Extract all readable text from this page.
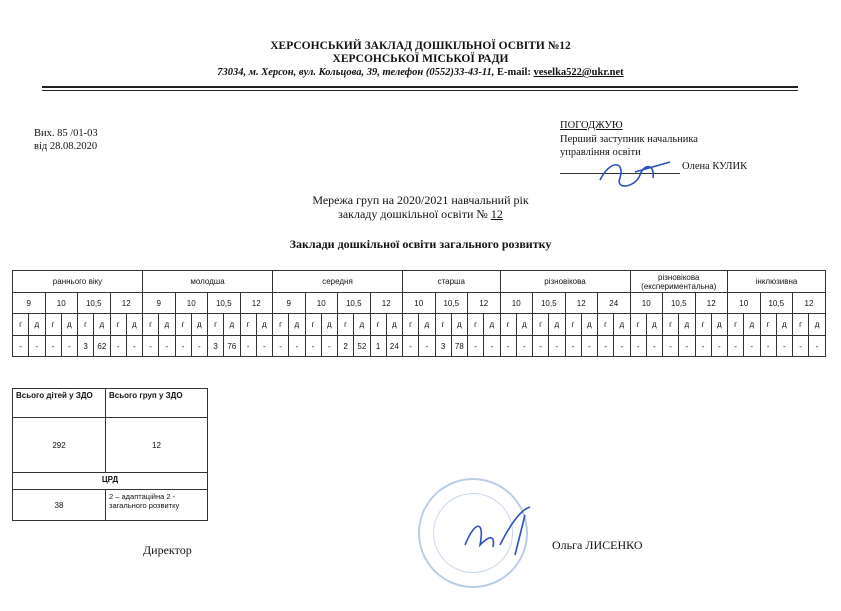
ХЕРСОНСЬКИЙ ЗАКЛАД ДОШКІЛЬНОЇ ОСВІТИ №12
ХЕРСОНСЬКОЇ МІСЬКОЇ РАДИ
73034, м. Херсон, вул. Кольцова, 39, телефон (0552)33-43-11, E-mail: veselka522@ukr.net
Вих. 85 /01-03
від 28.08.2020
ПОГОДЖУЮ
Перший заступник начальника
управління освіти
Олена КУЛИК
Мережа груп на 2020/2021 навчальний рік
закладу дошкільної освіти № 12
Заклади дошкільної освіти загального розвитку
раннього віку								молодша								середня								старша						різновікова								різновікова (експериментальна)						інклюзивна					
9		10		10,5		12		9		10		10,5		12		9		10		10,5		12		10		10,5		12		10		10,5		12		24		10		10,5		12		10		10,5		12	
г	д	г	д	г	д	г	д	г	д	г	д	г	д	г	д	г	д	г	д	г	д	г	д	г	д	г	д	г	д	г	д	г	д	г	д	г	д	г	д	г	д	г	д	г	д	г	д	г	д
-	-	-	-	3	62	-	-	-	-	-	-	3	76	-	-	-	-	-	-	2	52	1	24	-	-	3	78	-	-	-	-	-	-	-	-	-	-	-	-	-	-	-	-	-	-	-	-	-	-
Всього дітей у ЗДО	Всього груп у ЗДО
292	12
ЦРД	
38	2 – адаптаційна 2 - загального розвитку
Директор	Ольга ЛИСЕНКО
